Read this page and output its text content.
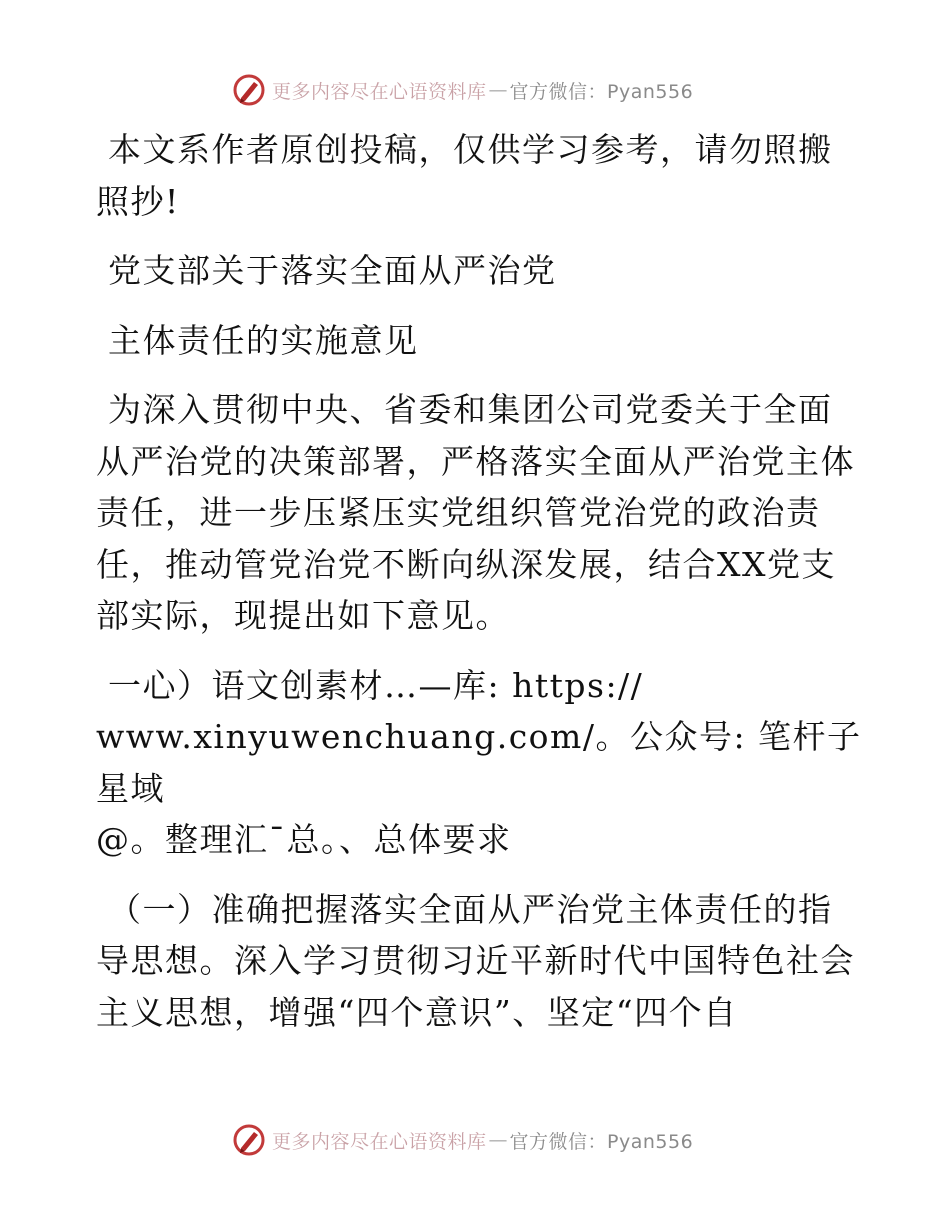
更多内容尽在心语资料库 — 官方微信：Pyan556

本文系作者原创投稿，仅供学习参考，请勿照搬
照抄!

党支部关于落实全面从严治党

主体责任的实施意见

为深入贯彻中央、省委和集团公司党委关于全面
从严治党的决策部署，严格落实全面从严治党主体
责任，进一步压紧压实党组织管党治党的政治责
任，推动管党治党不断向纵深发展，结合XX党支
部实际，现提出如下意见。

一心）语文创素材…—库: https://
www.xinyuwenchuang.com/。公众号: 笔杆子星域
@。整理汇¯总。、总体要求

（一）准确把握落实全面从严治党主体责任的指
导思想。深入学习贯彻习近平新时代中国特色社会
主义思想，增强“四个意识”、坚定“四个自

更多内容尽在心语资料库 — 官方微信：Pyan556
